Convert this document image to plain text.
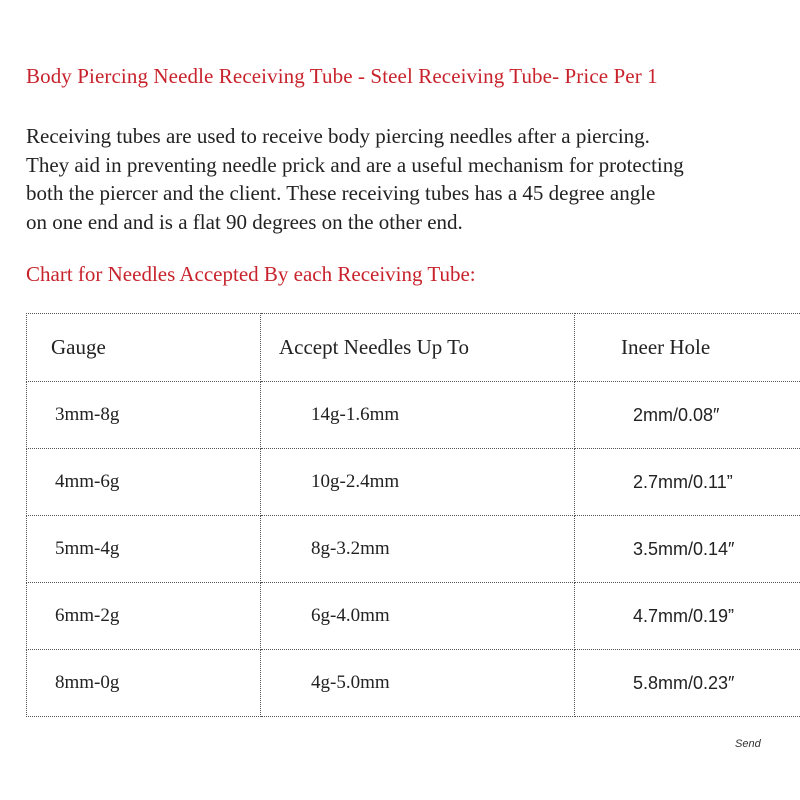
Body Piercing Needle Receiving Tube - Steel Receiving Tube- Price Per 1
Receiving tubes are used to receive body piercing needles after a piercing.
They aid in preventing needle prick and are a useful mechanism for protecting
both the piercer and the client. These receiving tubes has a 45 degree angle
on one end and is a flat 90 degrees on the other end.
Chart for Needles Accepted By each Receiving Tube:
Gauge	Accept Needles Up To	Ineer Hole
3mm-8g	14g-1.6mm	2mm/0.08″
4mm-6g	10g-2.4mm	2.7mm/0.11”
5mm-4g	8g-3.2mm	3.5mm/0.14″
6mm-2g	6g-4.0mm	4.7mm/0.19”
8mm-0g	4g-5.0mm	5.8mm/0.23″
Send
